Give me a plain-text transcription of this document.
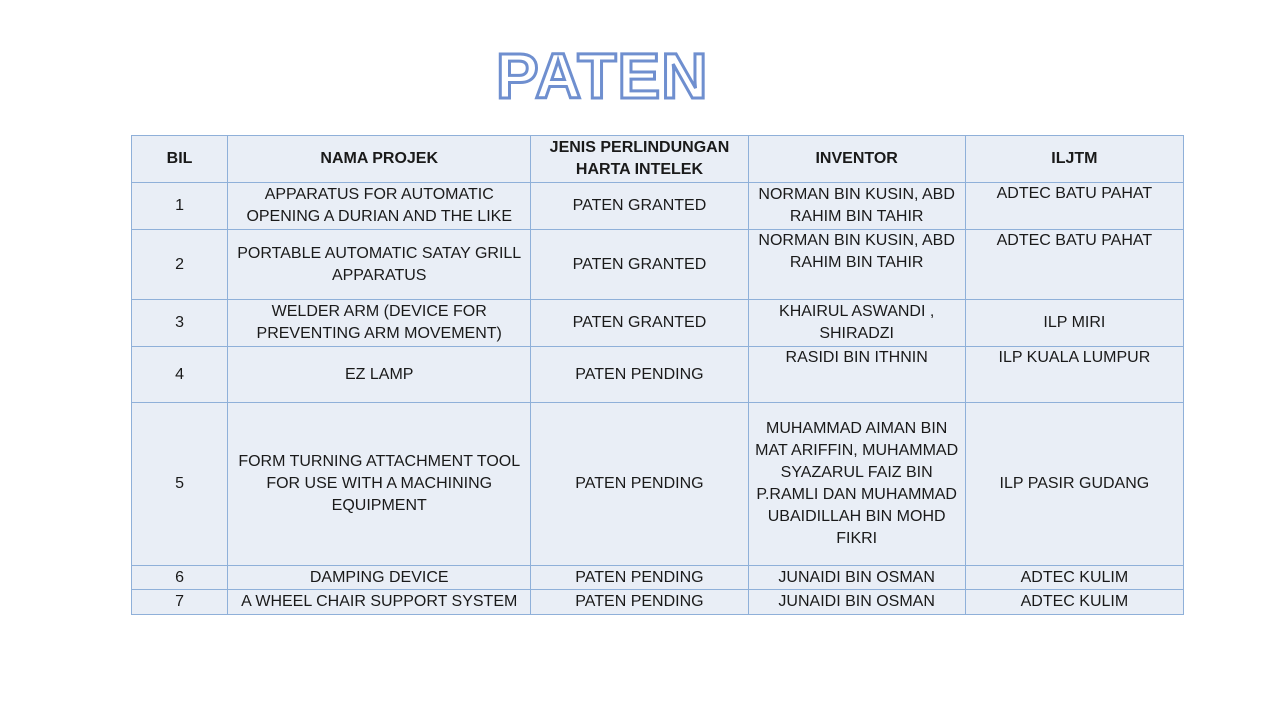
PATEN
BIL	NAMA PROJEK	JENIS PERLINDUNGAN HARTA INTELEK	INVENTOR	ILJTM
1	APPARATUS FOR AUTOMATIC OPENING A DURIAN AND THE LIKE	PATEN GRANTED	NORMAN BIN KUSIN, ABD RAHIM BIN TAHIR	ADTEC BATU PAHAT
2	PORTABLE AUTOMATIC SATAY GRILL APPARATUS	PATEN GRANTED	NORMAN BIN KUSIN, ABD RAHIM BIN TAHIR	ADTEC BATU PAHAT
3	WELDER ARM (DEVICE FOR PREVENTING ARM MOVEMENT)	PATEN GRANTED	KHAIRUL ASWANDI , SHIRADZI	ILP MIRI
4	EZ LAMP	PATEN PENDING	RASIDI BIN ITHNIN	ILP KUALA LUMPUR
5	FORM TURNING ATTACHMENT TOOL FOR USE WITH A MACHINING EQUIPMENT	PATEN PENDING	MUHAMMAD AIMAN BIN MAT ARIFFIN, MUHAMMAD SYAZARUL FAIZ BIN P.RAMLI DAN MUHAMMAD UBAIDILLAH BIN MOHD FIKRI	ILP PASIR GUDANG
6	DAMPING DEVICE	PATEN PENDING	JUNAIDI BIN OSMAN	ADTEC KULIM
7	A WHEEL CHAIR SUPPORT SYSTEM	PATEN PENDING	JUNAIDI BIN OSMAN	ADTEC KULIM
